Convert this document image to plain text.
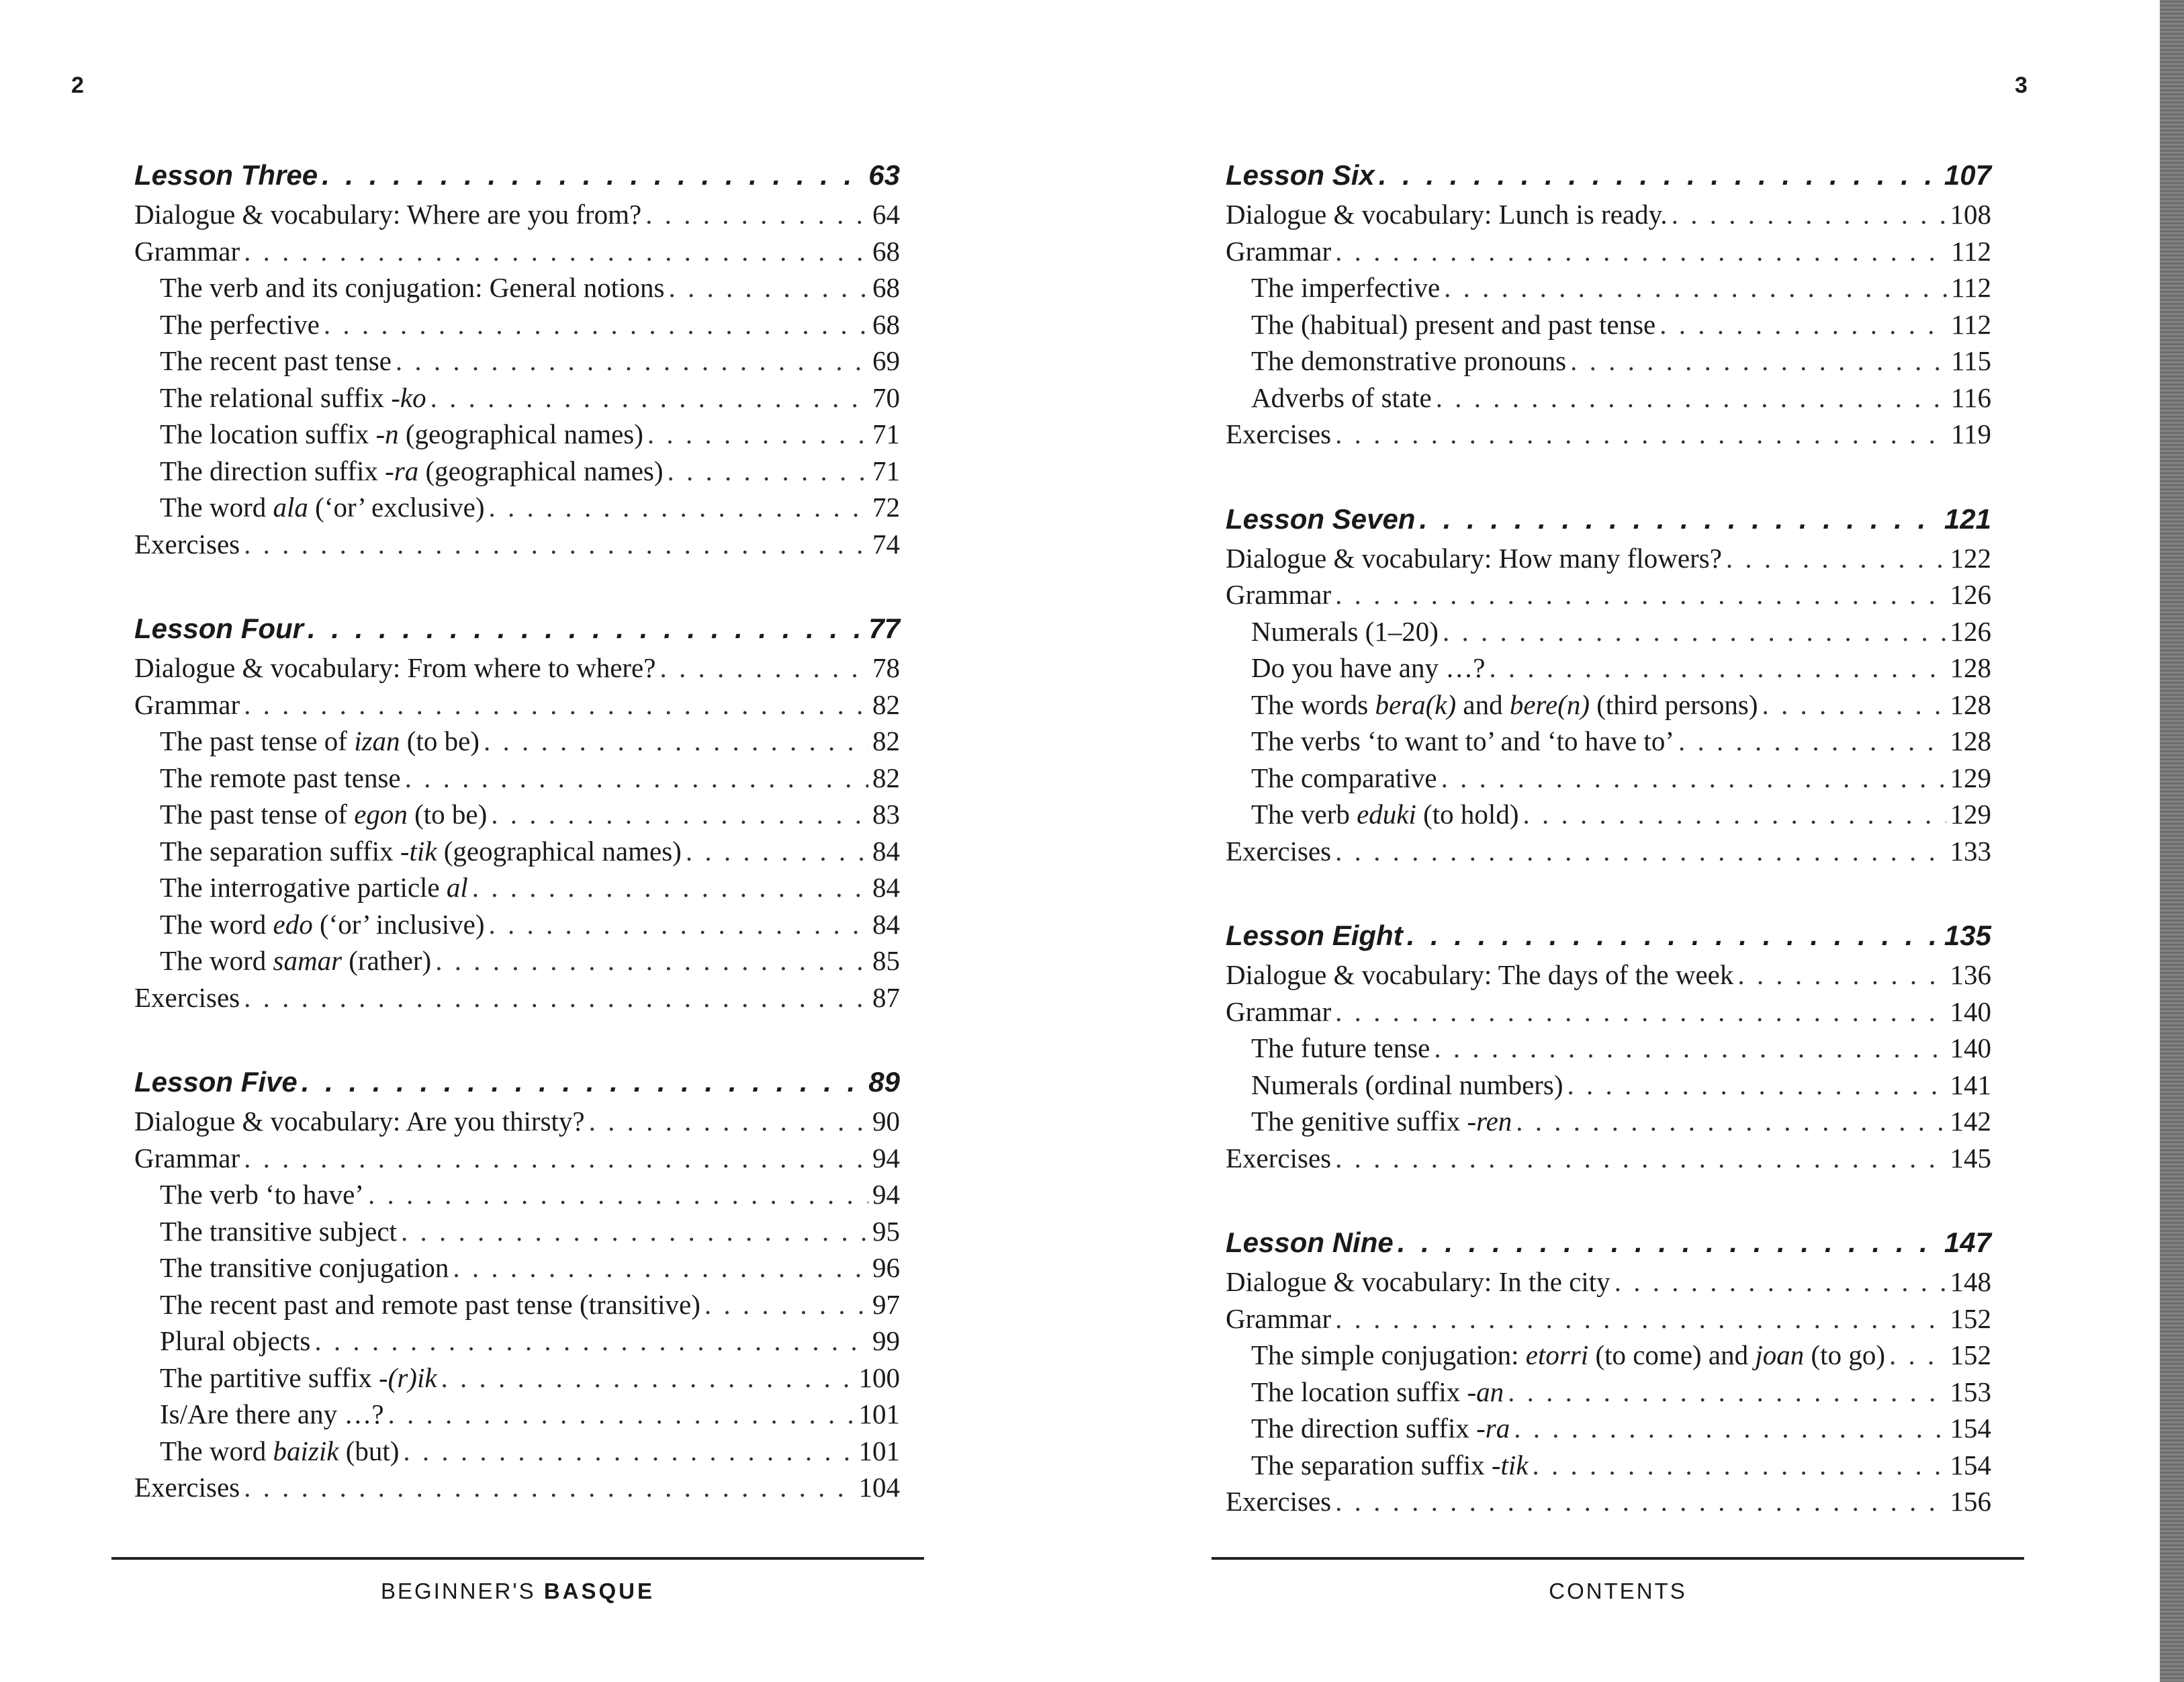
2
Lesson Three . . .	63
Dialogue & vocabulary: Where are you from? . . .	64
Grammar . . .	68
The verb and its conjugation: General notions . . .	68
The perfective . . .	68
The recent past tense . . .	69
The relational suffix -ko . . .	70
The location suffix -n (geographical names) . . .	71
The direction suffix -ra (geographical names) . . .	71
The word ala (‘or’ exclusive) . . .	72
Exercises . . .	74
Lesson Four . . .	77
Dialogue & vocabulary: From where to where? . . .	78
Grammar . . .	82
The past tense of izan (to be) . . .	82
The remote past tense . . .	82
The past tense of egon (to be) . . .	83
The separation suffix -tik (geographical names) . . .	84
The interrogative particle al . . .	84
The word edo (‘or’ inclusive) . . .	84
The word samar (rather) . . .	85
Exercises . . .	87
Lesson Five . . .	89
Dialogue & vocabulary: Are you thirsty? . . .	90
Grammar . . .	94
The verb ‘to have’ . . .	94
The transitive subject . . .	95
The transitive conjugation . . .	96
The recent past and remote past tense (transitive) . . .	97
Plural objects . . .	99
The partitive suffix -(r)ik . . .	100
Is/Are there any …? . . .	101
The word baizik (but) . . .	101
Exercises . . .	104
BEGINNER'S BASQUE
3
Lesson Six . . .	107
Dialogue & vocabulary: Lunch is ready. . . .	108
Grammar . . .	112
The imperfective . . .	112
The (habitual) present and past tense . . .	112
The demonstrative pronouns . . .	115
Adverbs of state . . .	116
Exercises . . .	119
Lesson Seven . . .	121
Dialogue & vocabulary: How many flowers? . . .	122
Grammar . . .	126
Numerals (1–20) . . .	126
Do you have any …? . . .	128
The words bera(k) and bere(n) (third persons) . . .	128
The verbs ‘to want to’ and ‘to have to’ . . .	128
The comparative . . .	129
The verb eduki (to hold) . . .	129
Exercises . . .	133
Lesson Eight . . .	135
Dialogue & vocabulary: The days of the week . . .	136
Grammar . . .	140
The future tense . . .	140
Numerals (ordinal numbers) . . .	141
The genitive suffix -ren . . .	142
Exercises . . .	145
Lesson Nine . . .	147
Dialogue & vocabulary: In the city . . .	148
Grammar . . .	152
The simple conjugation: etorri (to come) and joan (to go) . . . 152
The location suffix -an . . .	153
The direction suffix -ra . . .	154
The separation suffix -tik . . .	154
Exercises . . .	156
CONTENTS
